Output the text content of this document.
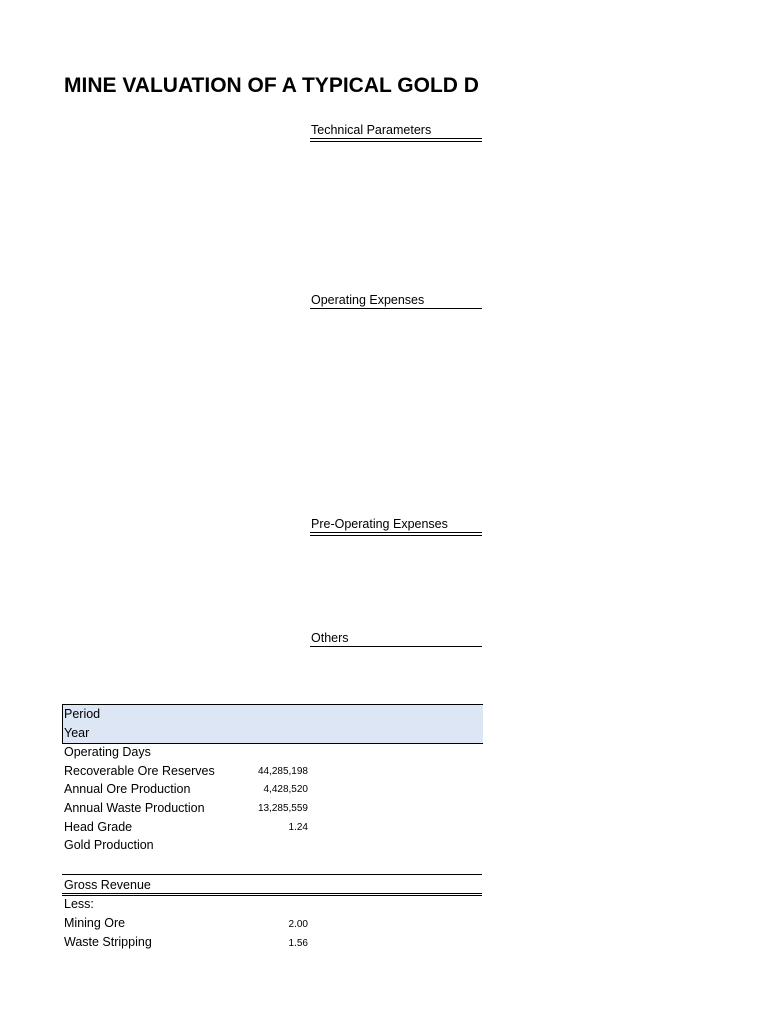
MINE VALUATION OF A TYPICAL GOLD D
Technical Parameters
Operating Expenses
Pre-Operating Expenses
Others
Period
Year
Operating Days
Recoverable Ore Reserves	44,285,198
Annual Ore Production	4,428,520
Annual Waste Production	13,285,559
Head Grade	1.24
Gold Production
Gross Revenue
Less:
Mining Ore	2.00
Waste Stripping	1.56
